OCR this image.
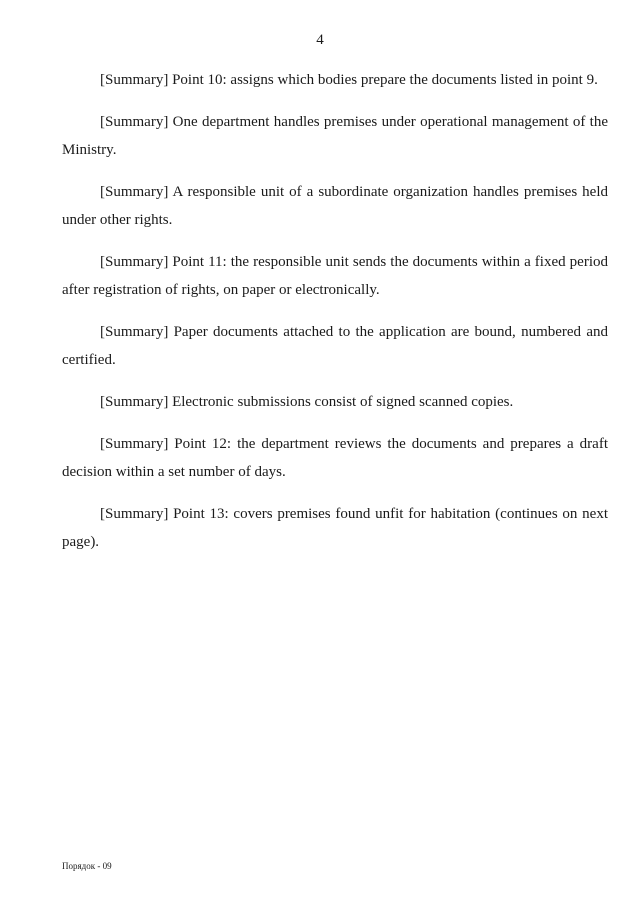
4

[Summary] Point 10: assigns which bodies prepare the documents listed in point 9.

[Summary] One department handles premises under operational management of the Ministry.

[Summary] A responsible unit of a subordinate organization handles premises held under other rights.

[Summary] Point 11: the responsible unit sends the documents within a fixed period after registration of rights, on paper or electronically.

[Summary] Paper documents attached to the application are bound, numbered and certified.

[Summary] Electronic submissions consist of signed scanned copies.

[Summary] Point 12: the department reviews the documents and prepares a draft decision within a set number of days.

[Summary] Point 13: covers premises found unfit for habitation (continues on next page).

Порядок - 09
